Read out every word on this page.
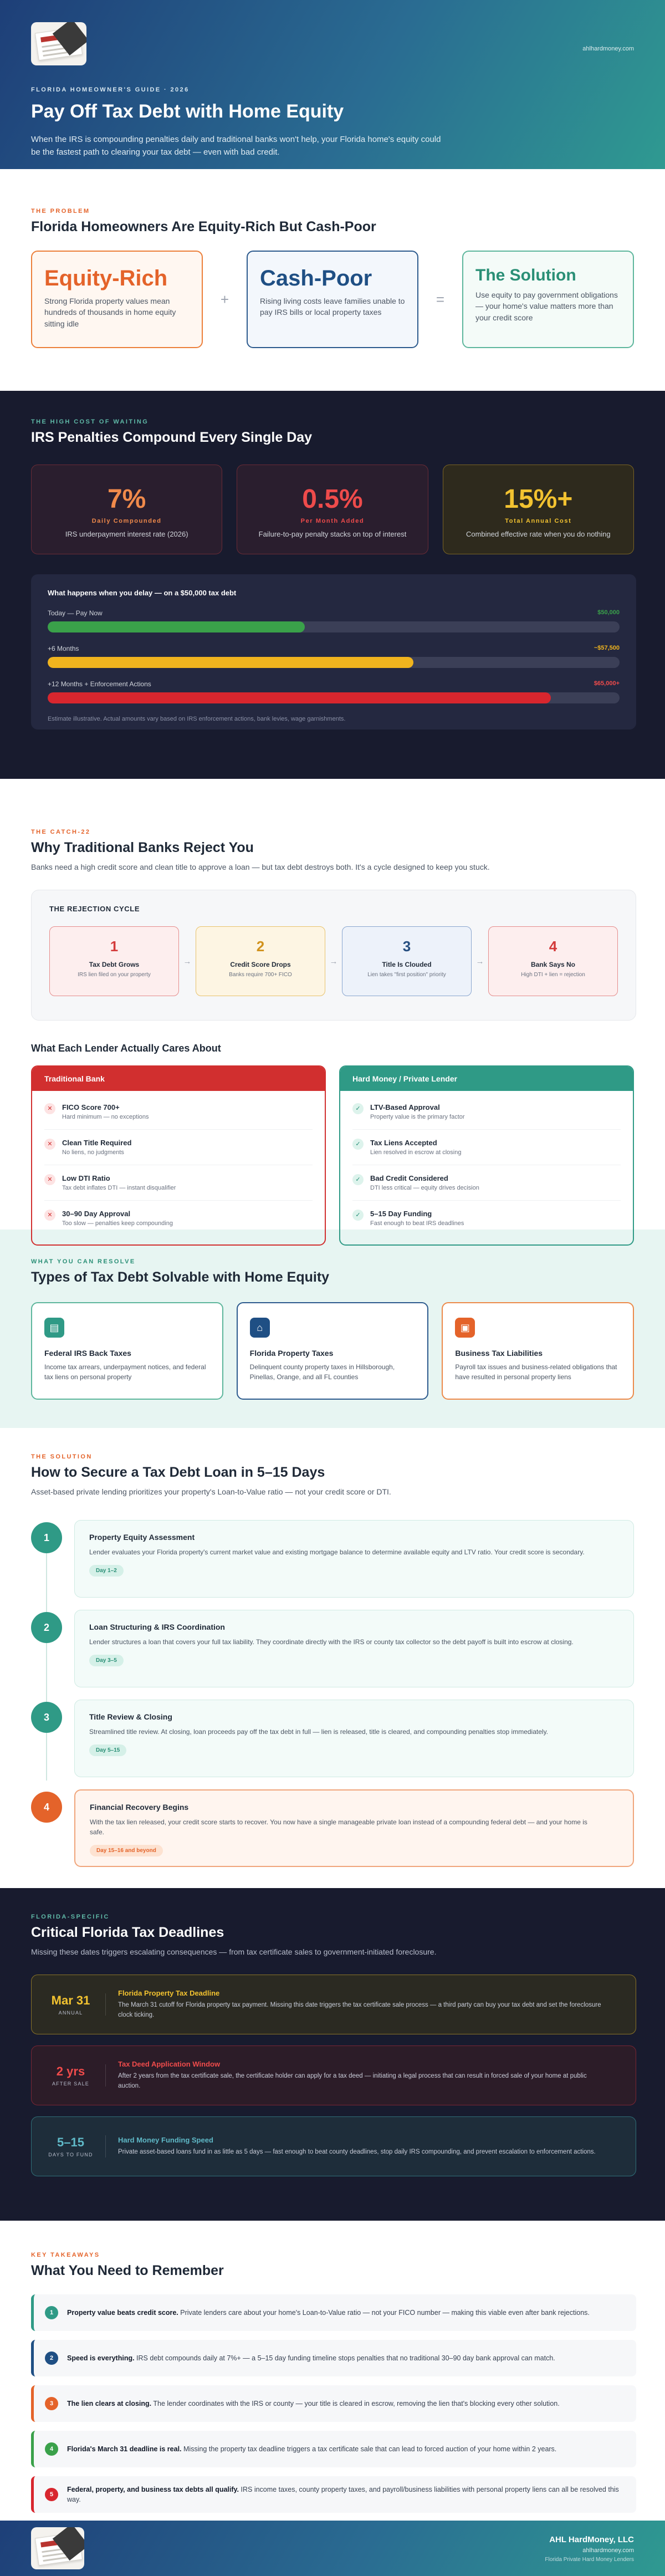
ahlhardmoney.com
FLORIDA HOMEOWNER'S GUIDE · 2026
Pay Off Tax Debt with Home Equity

When the IRS is compounding penalties daily and traditional banks won't help, your Florida home's equity could be the fastest path to clearing your tax debt — even with bad credit.

THE PROBLEM
Florida Homeowners Are Equity-Rich But Cash-Poor
Equity-Rich
Strong Florida property values mean hundreds of thousands in home equity sitting idle
+
Cash-Poor
Rising living costs leave families unable to pay IRS bills or local property taxes
=
The Solution
Use equity to pay government obligations — your home's value matters more than your credit score
THE HIGH COST OF WAITING
IRS Penalties Compound Every Single Day
7%
Daily Compounded
IRS underpayment interest rate (2026)
0.5%
Per Month Added
Failure-to-pay penalty stacks on top of interest
15%+
Total Annual Cost
Combined effective rate when you do nothing
What happens when you delay — on a $50,000 tax debt
Today — Pay Now	$50,000
+6 Months	~$57,500
+12 Months + Enforcement Actions	$65,000+
Estimate illustrative. Actual amounts vary based on IRS enforcement actions, bank levies, wage garnishments.
THE CATCH-22
Why Traditional Banks Reject You
Banks need a high credit score and clean title to approve a loan — but tax debt destroys both. It's a cycle designed to keep you stuck.
THE REJECTION CYCLE
1
Tax Debt Grows
IRS lien filed on your property
→
2
Credit Score Drops
Banks require 700+ FICO
→
3
Title Is Clouded
Lien takes "first position" priority
→
4
Bank Says No
High DTI + lien = rejection
What Each Lender Actually Cares About
Traditional Bank
✕	FICO Score 700+
Hard minimum — no exceptions
✕	Clean Title Required
No liens, no judgments
✕	Low DTI Ratio
Tax debt inflates DTI — instant disqualifier
✕	30–90 Day Approval
Too slow — penalties keep compounding
Hard Money / Private Lender
✓	LTV-Based Approval
Property value is the primary factor
✓	Tax Liens Accepted
Lien resolved in escrow at closing
✓	Bad Credit Considered
DTI less critical — equity drives decision
✓	5–15 Day Funding
Fast enough to beat IRS deadlines
WHAT YOU CAN RESOLVE
Types of Tax Debt Solvable with Home Equity
▤
Federal IRS Back Taxes
Income tax arrears, underpayment notices, and federal tax liens on personal property
⌂
Florida Property Taxes
Delinquent county property taxes in Hillsborough, Pinellas, Orange, and all FL counties
▣
Business Tax Liabilities
Payroll tax issues and business-related obligations that have resulted in personal property liens
THE SOLUTION
How to Secure a Tax Debt Loan in 5–15 Days
Asset-based private lending prioritizes your property's Loan-to-Value ratio — not your credit score or DTI.
1	Property Equity Assessment
Lender evaluates your Florida property's current market value and existing mortgage balance to determine available equity and LTV ratio. Your credit score is secondary.
Day 1–2
2	Loan Structuring & IRS Coordination
Lender structures a loan that covers your full tax liability. They coordinate directly with the IRS or county tax collector so the debt payoff is built into escrow at closing.
Day 3–5
3	Title Review & Closing
Streamlined title review. At closing, loan proceeds pay off the tax debt in full — lien is released, title is cleared, and compounding penalties stop immediately.
Day 5–15
4	Financial Recovery Begins
With the tax lien released, your credit score starts to recover. You now have a single manageable private loan instead of a compounding federal debt — and your home is safe.
Day 15–16 and beyond
FLORIDA-SPECIFIC
Critical Florida Tax Deadlines
Missing these dates triggers escalating consequences — from tax certificate sales to government-initiated foreclosure.
Mar 31
ANNUAL
Florida Property Tax Deadline
The March 31 cutoff for Florida property tax payment. Missing this date triggers the tax certificate sale process — a third party can buy your tax debt and set the foreclosure clock ticking.
2 yrs
AFTER SALE
Tax Deed Application Window
After 2 years from the tax certificate sale, the certificate holder can apply for a tax deed — initiating a legal process that can result in forced sale of your home at public auction.
5–15
DAYS TO FUND
Hard Money Funding Speed
Private asset-based loans fund in as little as 5 days — fast enough to beat county deadlines, stop daily IRS compounding, and prevent escalation to enforcement actions.
KEY TAKEAWAYS
What You Need to Remember
1	Property value beats credit score. Private lenders care about your home's Loan-to-Value ratio — not your FICO number — making this viable even after bank rejections.
2	Speed is everything. IRS debt compounds daily at 7%+ — a 5–15 day funding timeline stops penalties that no traditional 30–90 day bank approval can match.
3	The lien clears at closing. The lender coordinates with the IRS or county — your title is cleared in escrow, removing the lien that's blocking every other solution.
4	Florida's March 31 deadline is real. Missing the property tax deadline triggers a tax certificate sale that can lead to forced auction of your home within 2 years.
5
Federal, property, and business tax debts all qualify. IRS income taxes, county property taxes, and payroll/business liabilities with personal property liens can all be resolved this way.
AHL HardMoney, LLC
ahlhardmoney.com
Florida Private Hard Money Lenders
